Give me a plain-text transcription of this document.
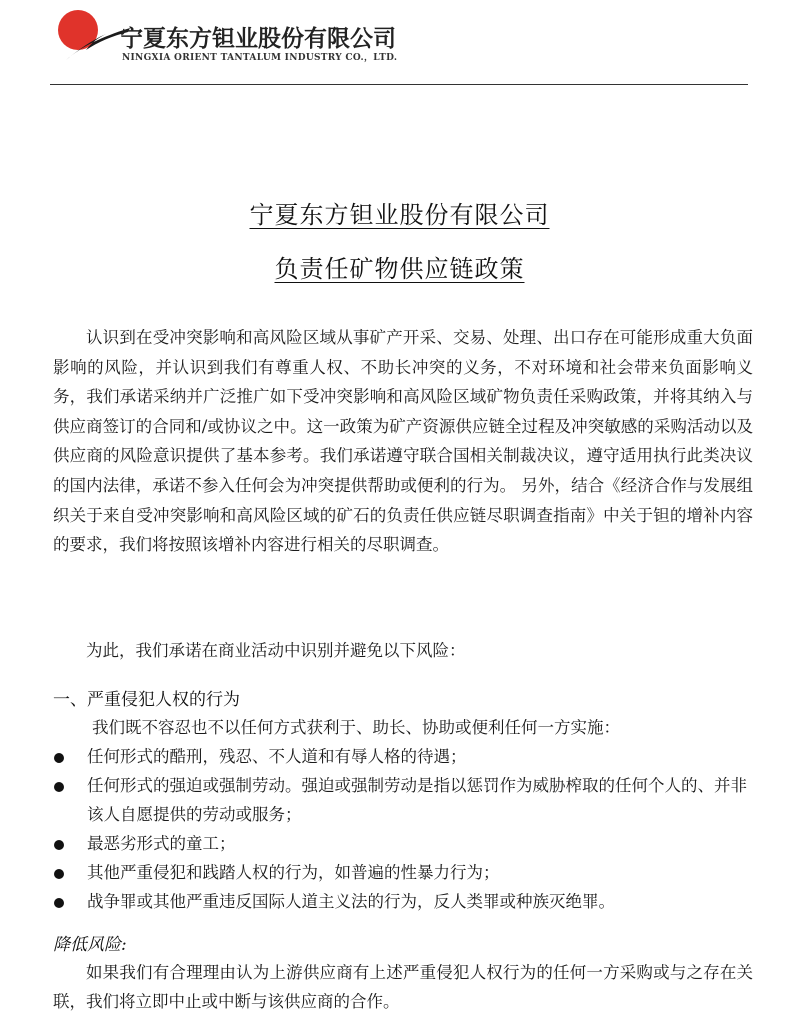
宁夏东方钽业股份有限公司
NINGXIA ORIENT TANTALUM INDUSTRY CO.，LTD.
宁夏东方钽业股份有限公司
负责任矿物供应链政策
认识到在受冲突影响和高风险区域从事矿产开采、交易、处理、出口存在可能形成重大负面影响的风险，并认识到我们有尊重人权、不助长冲突的义务，不对环境和社会带来负面影响义务，我们承诺采纳并广泛推广如下受冲突影响和高风险区域矿物负责任采购政策，并将其纳入与供应商签订的合同和/或协议之中。这一政策为矿产资源供应链全过程及冲突敏感的采购活动以及供应商的风险意识提供了基本参考。我们承诺遵守联合国相关制裁决议，遵守适用执行此类决议的国内法律，承诺不参入任何会为冲突提供帮助或便利的行为。 另外，结合《经济合作与发展组织关于来自受冲突影响和高风险区域的矿石的负责任供应链尽职调查指南》中关于钽的增补内容的要求，我们将按照该增补内容进行相关的尽职调查。
为此，我们承诺在商业活动中识别并避免以下风险：
一、严重侵犯人权的行为
我们既不容忍也不以任何方式获利于、助长、协助或便利任何一方实施：
任何形式的酷刑，残忍、不人道和有辱人格的待遇；
任何形式的强迫或强制劳动。强迫或强制劳动是指以惩罚作为威胁榨取的任何个人的、并非该人自愿提供的劳动或服务；
最恶劣形式的童工；
其他严重侵犯和践踏人权的行为，如普遍的性暴力行为；
战争罪或其他严重违反国际人道主义法的行为，反人类罪或种族灭绝罪。
降低风险:
如果我们有合理理由认为上游供应商有上述严重侵犯人权行为的任何一方采购或与之存在关联，我们将立即中止或中断与该供应商的合作。
